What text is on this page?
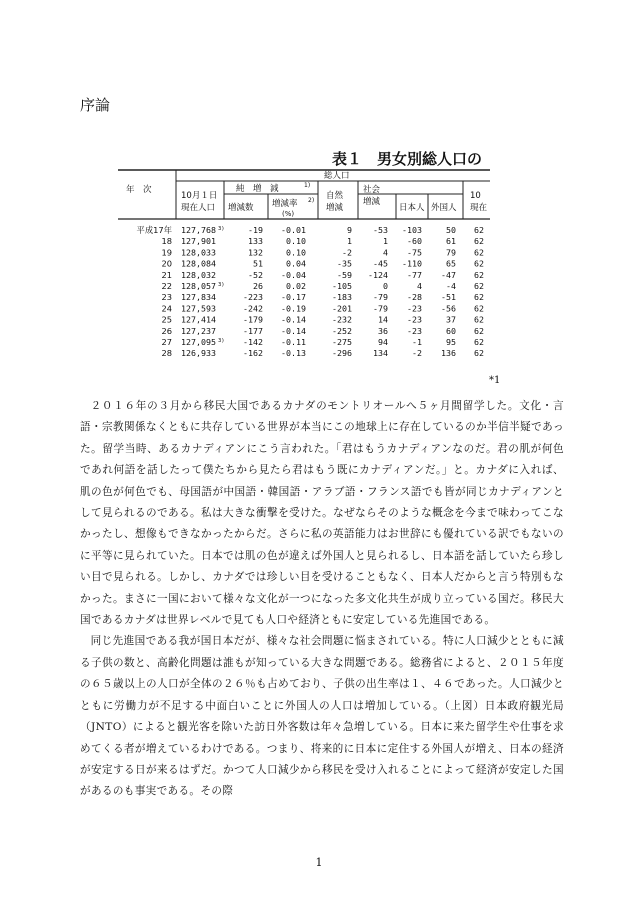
序論
表１　男女別総人口の
総人口
年　次
10月１日
現在人口
純　増　減	1)
増減数 増減率 2)
(%)
自然
増減
社会
増減
日本人 外国人
10
現在
平成17年 127,768 3)	-19 -0.01	9	-53 -103	50 62
18 127,901	133	0.10	1	1 -60	61 62
19 128,033	132	0.10	-2	4 -75	79 62
20 128,084	51	0.04	-35	-45 -110	65 62
21 128,032	-52 -0.04	-59 -124 -77 -47 62
22 128,057 3)	26	0.02	-105	0	4	-4 62
23 127,834	-223 -0.17	-183	-79 -28 -51 62
24 127,593	-242 -0.19	-201	-79 -23 -56 62
25 127,414	-179 -0.14	-232	14 -23	37 62
26 127,237	-177 -0.14	-252	36 -23	60 62
27 127,095 3) -142 -0.11	-275	94	-1	95 62
28 126,933	-162 -0.13	-296	134	-2 136 62
*1

２０１６年の３月から移民大国であるカナダのモントリオールへ５ヶ月間留学した。文化・言語・宗教関係なくともに共存している世界が本当にこの地球上に存在しているのか半信半疑であった。留学当時、あるカナディアンにこう言われた。「君はもうカナディアンなのだ。君の肌が何色であれ何語を話したって僕たちから見たら君はもう既にカナディアンだ。」と。カナダに入れば、肌の色が何色でも、母国語が中国語・韓国語・アラブ語・フランス語でも皆が同じカナディアンとして見られるのである。私は大きな衝撃を受けた。なぜならそのような概念を今まで味わってこなかったし、想像もできなかったからだ。さらに私の英語能力はお世辞にも優れている訳でもないのに平等に見られていた。日本では肌の色が違えば外国人と見られるし、日本語を話していたら珍しい目で見られる。しかし、カナダでは珍しい目を受けることもなく、日本人だからと言う特別もなかった。まさに一国において様々な文化が一つになった多文化共生が成り立っている国だ。移民大国であるカナダは世界レベルで見ても人口や経済ともに安定している先進国である。

同じ先進国である我が国日本だが、様々な社会問題に悩まされている。特に人口減少とともに減る子供の数と、高齢化問題は誰もが知っている大きな問題である。総務省によると、２０１５年度の６５歳以上の人口が全体の２６％も占めており、子供の出生率は１、４６であった。人口減少とともに労働力が不足する中面白いことに外国人の人口は増加している。（上図）日本政府観光局（JNTO）によると観光客を除いた訪日外客数は年々急増している。日本に来た留学生や仕事を求めてくる者が増えているわけである。つまり、将来的に日本に定住する外国人が増え、日本の経済が安定する日が来るはずだ。かつて人口減少から移民を受け入れることによって経済が安定した国があるのも事実である。その際

1
